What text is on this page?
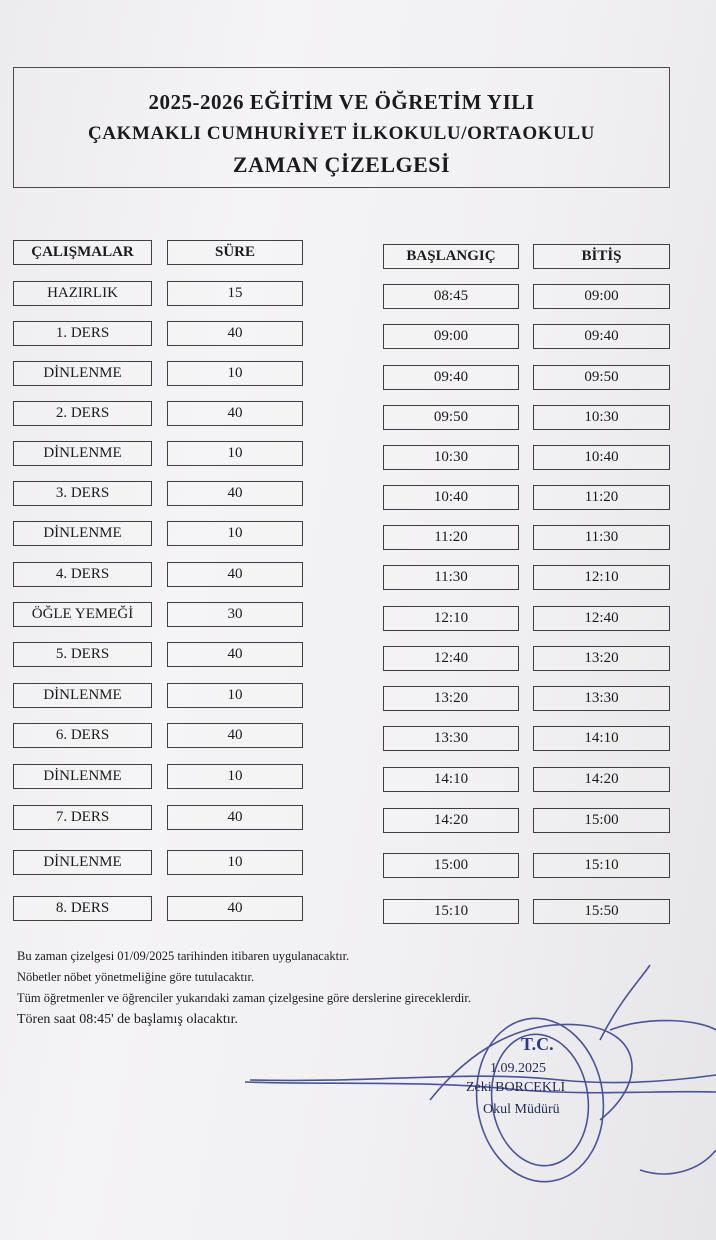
2025-2026 EĞİTİM VE ÖĞRETİM YILI
ÇAKMAKLI CUMHURİYET İLKOKULU/ORTAOKULU
ZAMAN ÇİZELGESİ
ÇALIŞMALAR	SÜRE	BAŞLANGIÇ	BİTİŞ
HAZIRLIK	15	08:45	09:00
1. DERS	40	09:00	09:40
DİNLENME	10	09:40	09:50
2. DERS	40	09:50	10:30
DİNLENME	10	10:30	10:40
3. DERS	40	10:40	11:20
DİNLENME	10	11:20	11:30
4. DERS	40	11:30	12:10
ÖĞLE YEMEĞİ	30	12:10	12:40
5. DERS	40	12:40	13:20
DİNLENME	10	13:20	13:30
6. DERS	40	13:30	14:10
DİNLENME	10	14:10	14:20
7. DERS	40	14:20	15:00
DİNLENME	10	15:00	15:10
8. DERS	40	15:10	15:50
Bu zaman çizelgesi 01/09/2025 tarihinden itibaren uygulanacaktır.
Nöbetler nöbet yönetmeliğine göre tutulacaktır.
Tüm öğretmenler ve öğrenciler yukarıdaki zaman çizelgesine göre derslerine gireceklerdir.
Tören saat 08:45' de başlamış olacaktır.
T.C.
1.09.2025
Zeki BORCEKLİ
Okul Müdürü
